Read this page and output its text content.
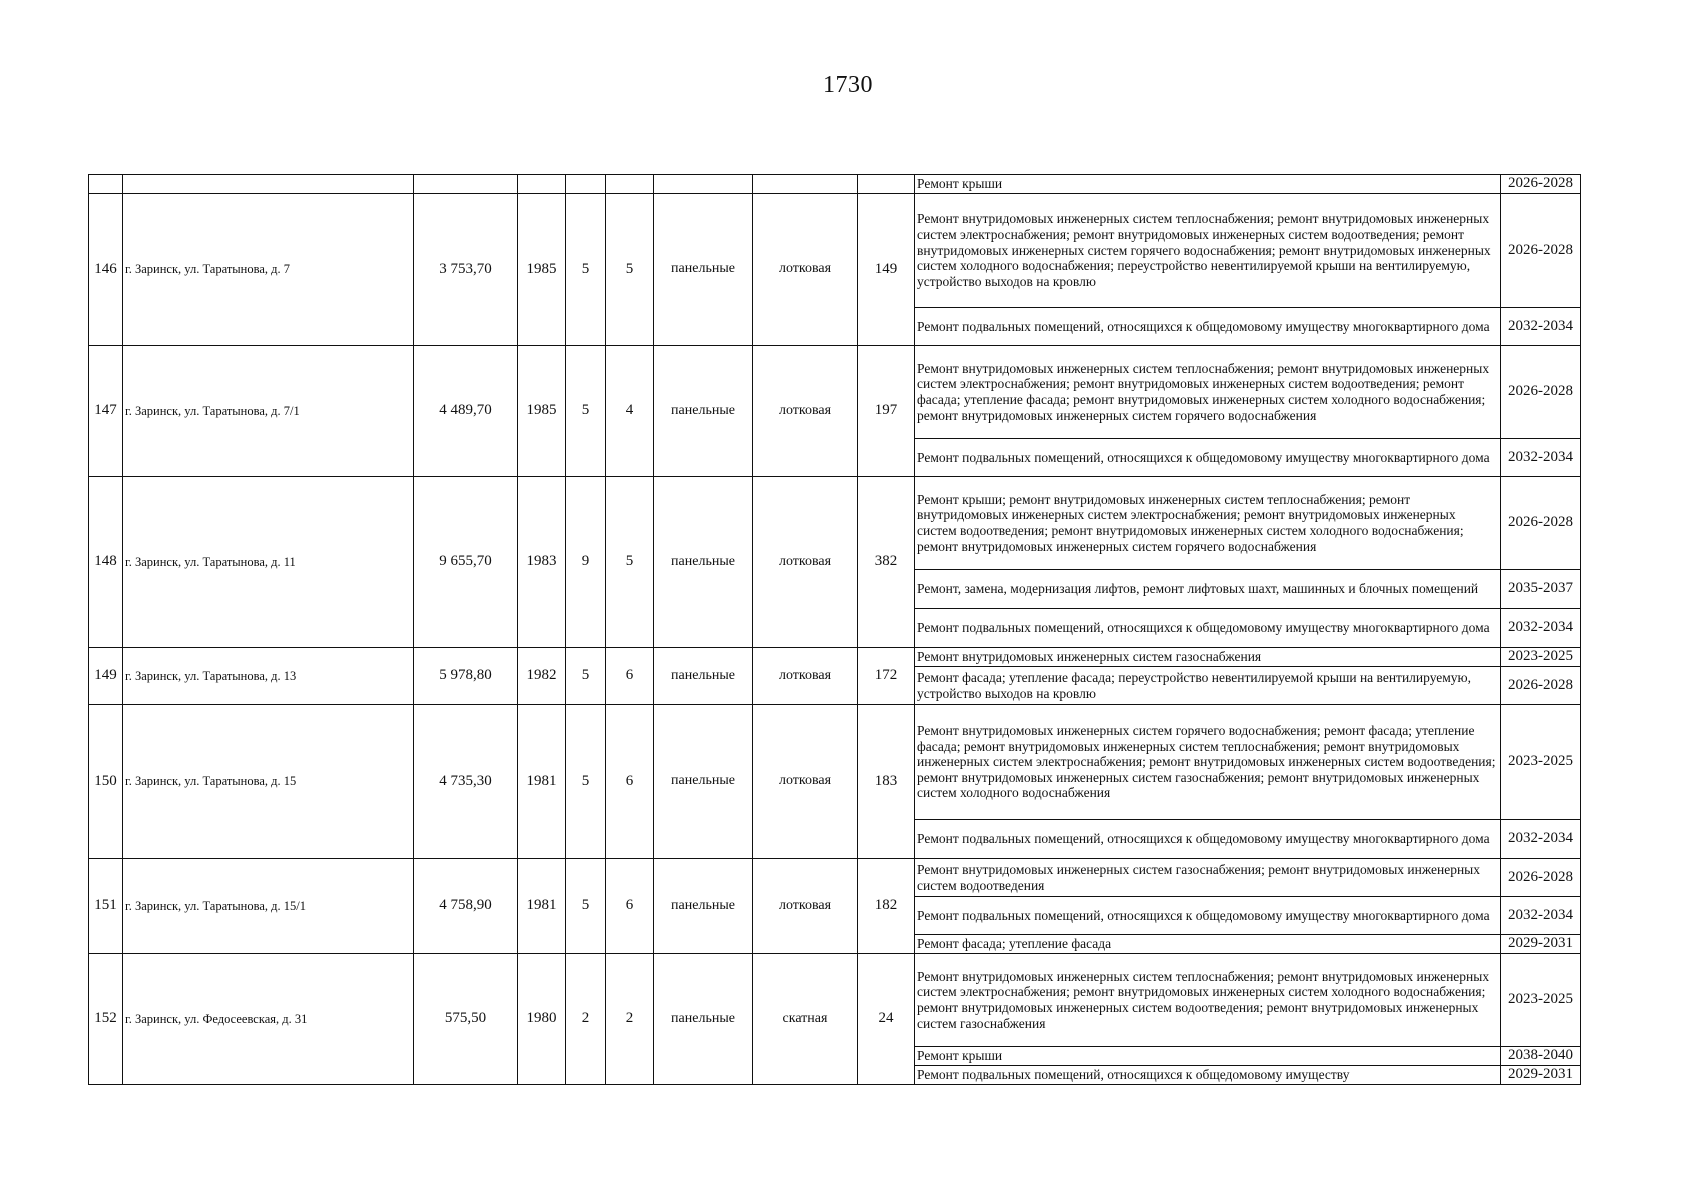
1730
									Ремонт крыши	2026-2028
146	г. Заринск, ул. Таратынова, д. 7	3 753,70	1985	5	5	панельные	лотковая	149	Ремонт внутридомовых инженерных систем теплоснабжения; ремонт внутридомовых инженерных систем электроснабжения; ремонт внутридомовых инженерных систем водоотведения; ремонт внутридомовых инженерных систем горячего водоснабжения; ремонт внутридомовых инженерных систем холодного водоснабжения; переустройство невентилируемой крыши на вентилируемую, устройство выходов на кровлю	2026-2028
									Ремонт подвальных помещений, относящихся к общедомовому имуществу многоквартирного дома	2032-2034
147	г. Заринск, ул. Таратынова, д. 7/1	4 489,70	1985	5	4	панельные	лотковая	197	Ремонт внутридомовых инженерных систем теплоснабжения; ремонт внутридомовых инженерных систем электроснабжения; ремонт внутридомовых инженерных систем водоотведения; ремонт фасада; утепление фасада; ремонт внутридомовых инженерных систем холодного водоснабжения; ремонт внутридомовых инженерных систем горячего водоснабжения	2026-2028
									Ремонт подвальных помещений, относящихся к общедомовому имуществу многоквартирного дома	2032-2034
148	г. Заринск, ул. Таратынова, д. 11	9 655,70	1983	9	5	панельные	лотковая	382	Ремонт крыши; ремонт внутридомовых инженерных систем теплоснабжения; ремонт внутридомовых инженерных систем электроснабжения; ремонт внутридомовых инженерных систем водоотведения; ремонт внутридомовых инженерных систем холодного водоснабжения; ремонт внутридомовых инженерных систем горячего водоснабжения	2026-2028
									Ремонт, замена, модернизация лифтов, ремонт лифтовых шахт, машинных и блочных помещений	2035-2037
									Ремонт подвальных помещений, относящихся к общедомовому имуществу многоквартирного дома	2032-2034
149	г. Заринск, ул. Таратынова, д. 13	5 978,80	1982	5	6	панельные	лотковая	172	Ремонт внутридомовых инженерных систем газоснабжения	2023-2025
									Ремонт фасада; утепление фасада; переустройство невентилируемой крыши на вентилируемую, устройство выходов на кровлю	2026-2028
150	г. Заринск, ул. Таратынова, д. 15	4 735,30	1981	5	6	панельные	лотковая	183	Ремонт внутридомовых инженерных систем горячего водоснабжения; ремонт фасада; утепление фасада; ремонт внутридомовых инженерных систем теплоснабжения; ремонт внутридомовых инженерных систем электроснабжения; ремонт внутридомовых инженерных систем водоотведения; ремонт внутридомовых инженерных систем газоснабжения; ремонт внутридомовых инженерных систем холодного водоснабжения	2023-2025
									Ремонт подвальных помещений, относящихся к общедомовому имуществу многоквартирного дома	2032-2034
151	г. Заринск, ул. Таратынова, д. 15/1	4 758,90	1981	5	6	панельные	лотковая	182	Ремонт внутридомовых инженерных систем газоснабжения; ремонт внутридомовых инженерных систем водоотведения	2026-2028
									Ремонт подвальных помещений, относящихся к общедомовому имуществу многоквартирного дома	2032-2034
									Ремонт фасада; утепление фасада	2029-2031
152	г. Заринск, ул. Федосеевская, д. 31	575,50	1980	2	2	панельные	скатная	24	Ремонт внутридомовых инженерных систем теплоснабжения; ремонт внутридомовых инженерных систем электроснабжения; ремонт внутридомовых инженерных систем холодного водоснабжения; ремонт внутридомовых инженерных систем водоотведения; ремонт внутридомовых инженерных систем газоснабжения	2023-2025
									Ремонт крыши	2038-2040
									Ремонт подвальных помещений, относящихся к общедомовому имуществу	2029-2031
